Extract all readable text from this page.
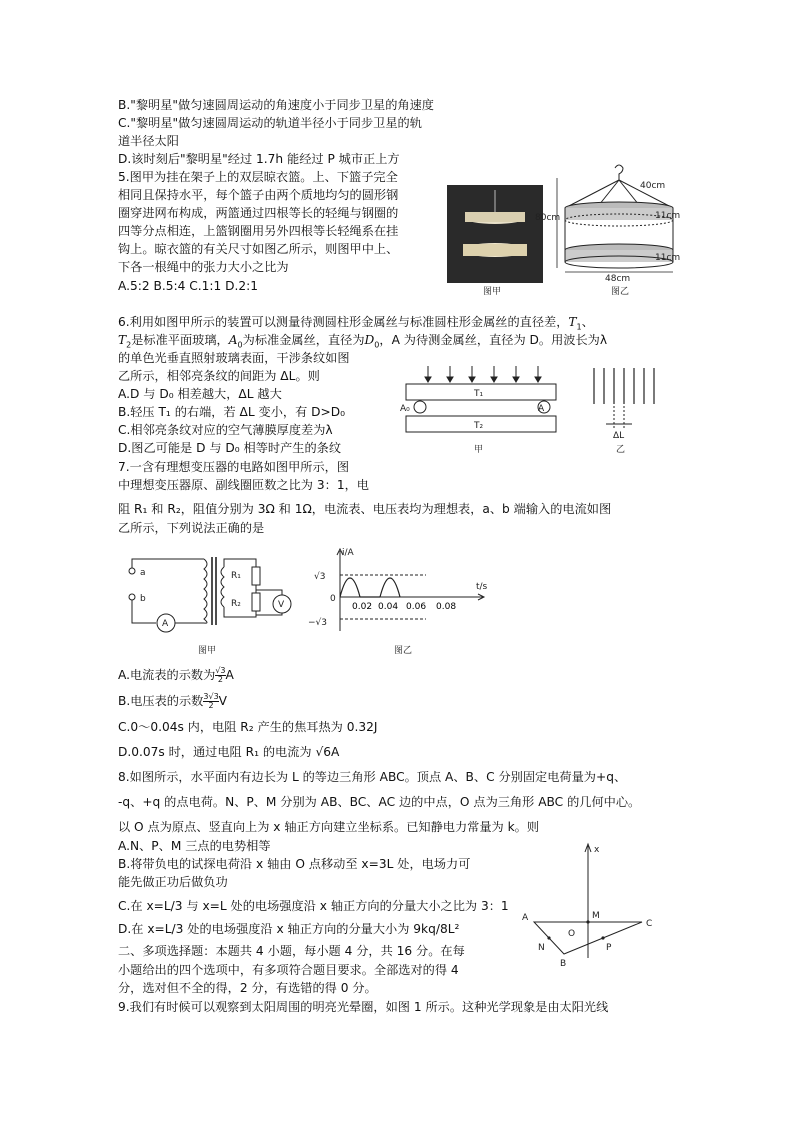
B."黎明星"做匀速圆周运动的角速度小于同步卫星的角速度
C."黎明星"做匀速圆周运动的轨道半径小于同步卫星的轨
道半径太阳
D.该时刻后"黎明星"经过 1.7h 能经过 P 城市正上方
5.图甲为挂在架子上的双层晾衣篮。上、下篮子完全
相同且保持水平，每个篮子由两个质地均匀的圆形钢
圈穿进网布构成，两篮通过四根等长的轻绳与钢圈的
四等分点相连，上篮钢圈用另外四根等长轻绳系在挂
钩上。晾衣篮的有关尺寸如图乙所示，则图甲中上、
下各一根绳中的张力大小之比为
A.5:2 B.5:4 C.1:1 D.2:1	图甲
80cm
40cm
11cm
11cm
48cm
图乙
6.利用如图甲所示的装置可以测量待测圆柱形金属丝与标准圆柱形金属丝的直径差，$T_1$、
$T_2$是标准平面玻璃，$A_0$为标准金属丝，直径为$D_0$，A 为待测金属丝，直径为 D。用波长为λ
的单色光垂直照射玻璃表面，干涉条纹如图
乙所示，相邻亮条纹的间距为 ΔL。则
A.D 与 D₀ 相差越大，ΔL 越大
B.轻压 T₁ 的右端，若 ΔL 变小，有 D>D₀
C.相邻亮条纹对应的空气薄膜厚度差为λ
D.图乙可能是 D 与 D₀ 相等时产生的条纹
T₁
A₀	A
T₂
甲
ΔL
乙
7.一含有理想变压器的电路如图甲所示，图
中理想变压器原、副线圈匝数之比为 3：1，电
阻 R₁ 和 R₂，阻值分别为 3Ω 和 1Ω，电流表、电压表均为理想表，a、b 端输入的电流如图
乙所示，下列说法正确的是
a
b
A
R₁
R₂	V
图甲
i/A
t/s
√3
0
−√3
0.02 0.04 0.06 0.08
图乙
A.电流表的示数为 $\frac{√3}{2}$ A
B.电压表的示数 $\frac{3√3}{2}$ V
C.0～0.04s 内，电阻 R₂ 产生的焦耳热为 0.32J
D.0.07s 时，通过电阻 R₁ 的电流为 √6A
8.如图所示，水平面内有边长为 L 的等边三角形 ABC。顶点 A、B、C 分别固定电荷量为+q、
-q、+q 的点电荷。N、P、M 分别为 AB、BC、AC 边的中点，O 点为三角形 ABC 的几何中心。
以 O 点为原点、竖直向上为 x 轴正方向建立坐标系。已知静电力常量为 k。则
A.N、P、M 三点的电势相等
B.将带负电的试探电荷沿 x 轴由 O 点移动至 x=3L 处，电场力可
能先做正功后做负功
C.在 x=L/3 与 x=L 处的电场强度沿 x 轴正方向的分量大小之比为 3：1
D.在 x=L/3 处的电场强度沿 x 轴正方向的分量大小为 9kq/8L²
x
A
C
B
M
O
N	P
二、多项选择题：本题共 4 小题，每小题 4 分，共 16 分。在每
小题给出的四个选项中，有多项符合题目要求。全部选对的得 4
分，选对但不全的得，2 分，有选错的得 0 分。
9.我们有时候可以观察到太阳周围的明亮光晕圈，如图 1 所示。这种光学现象是由太阳光线
